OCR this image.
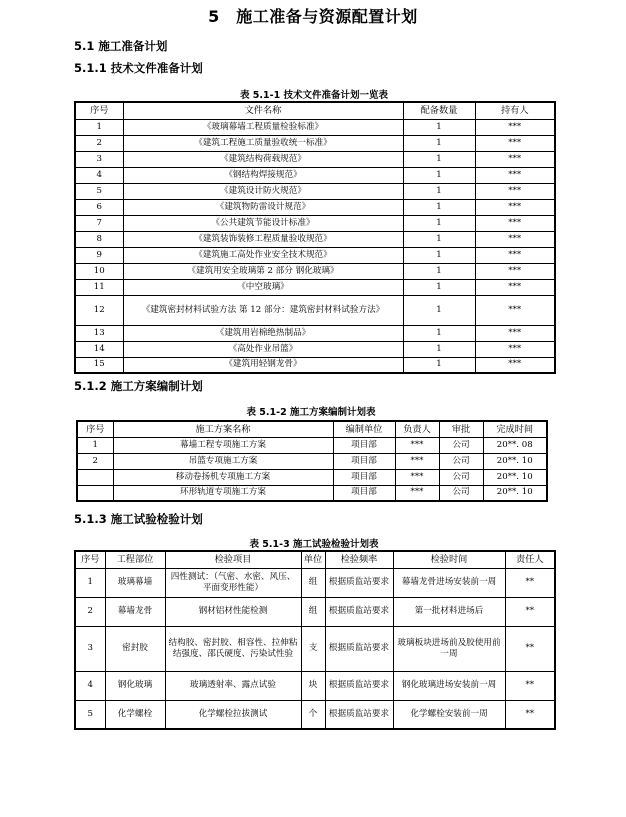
5　施工准备与资源配置计划
5.1 施工准备计划
5.1.1 技术文件准备计划
表 5.1-1 技术文件准备计划一览表
序号	文件名称	配备数量	持有人
1	《玻璃幕墙工程质量检验标准》	1	***
2	《建筑工程施工质量验收统一标准》	1	***
3	《建筑结构荷载规范》	1	***
4	《钢结构焊接规范》	1	***
5	《建筑设计防火规范》	1	***
6	《建筑物防雷设计规范》	1	***
7	《公共建筑节能设计标准》	1	***
8	《建筑装饰装修工程质量验收规范》	1	***
9	《建筑施工高处作业安全技术规范》	1	***
10	《建筑用安全玻璃第 2 部分 钢化玻璃》	1	***
11	《中空玻璃》	1	***
12	《建筑密封材料试验方法 第 12 部分：建筑密封材料试验方法》	1	***
13	《建筑用岩棉绝热制品》	1	***
14	《高处作业吊篮》	1	***
15	《建筑用轻钢龙骨》	1	***
5.1.2 施工方案编制计划
表 5.1-2 施工方案编制计划表
序号	施工方案名称	编制单位	负责人	审批	完成时间
1	幕墙工程专项施工方案	项目部	***	公司	20**. 08
2	吊篮专项施工方案	项目部	***	公司	20**. 10
	移动卷扬机专项施工方案	项目部	***	公司	20**. 10
	环形轨道专项施工方案	项目部	***	公司	20**. 10
5.1.3 施工试验检验计划
表 5.1-3 施工试验检验计划表
序号	工程部位	检验项目	单位	检验频率	检验时间	责任人
1	玻璃幕墙	四性测试：（气密、水密、风压、平面变形性能）	组	根据质监站要求	幕墙龙骨进场安装前一周	**
2	幕墙龙骨	钢材铝材性能检测	组	根据质监站要求	第一批材料进场后	**
3	密封胶	结构胶、密封胶、相容性、拉伸粘结强度、邵氏硬度、污染试性验	支	根据质监站要求	玻璃板块进场前及胶使用前一周	**
4	钢化玻璃	玻璃透射率、露点试验	块	根据质监站要求	钢化玻璃进场安装前一周	**
5	化学螺栓	化学螺栓拉拔测试	个	根据质监站要求	化学螺栓安装前一周	**
